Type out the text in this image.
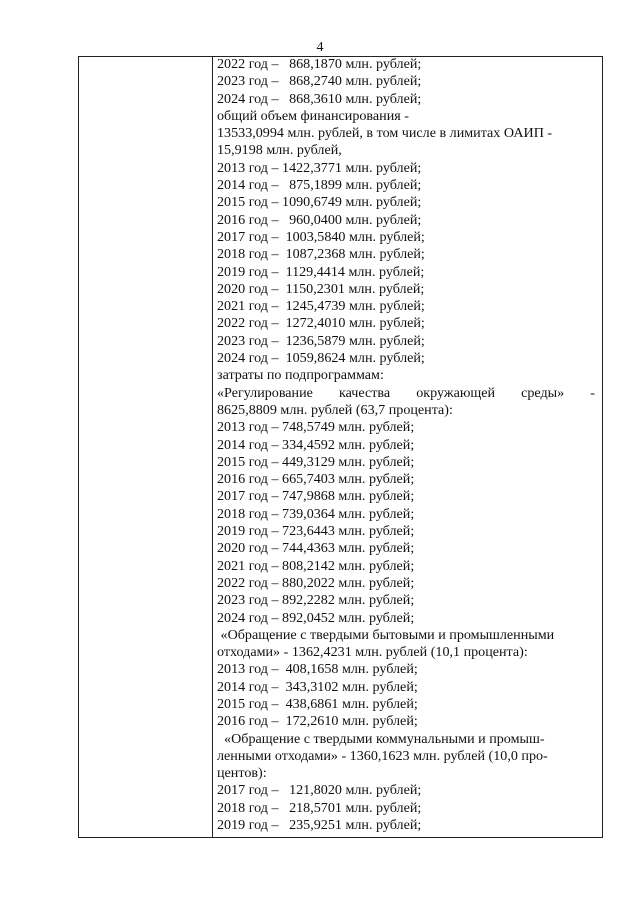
4
2022 год –   868,1870 млн. рублей;
2023 год –   868,2740 млн. рублей;
2024 год –   868,3610 млн. рублей;
общий объем финансирования -
13533,0994 млн. рублей, в том числе в лимитах ОАИП -
15,9198 млн. рублей,
2013 год – 1422,3771 млн. рублей;
2014 год –   875,1899 млн. рублей;
2015 год – 1090,6749 млн. рублей;
2016 год –   960,0400 млн. рублей;
2017 год –  1003,5840 млн. рублей;
2018 год –  1087,2368 млн. рублей;
2019 год –  1129,4414 млн. рублей;
2020 год –  1150,2301 млн. рублей;
2021 год –  1245,4739 млн. рублей;
2022 год –  1272,4010 млн. рублей;
2023 год –  1236,5879 млн. рублей;
2024 год –  1059,8624 млн. рублей;
затраты по подпрограммам:
«Регулирование качества окружающей среды» -
8625,8809 млн. рублей (63,7 процента):
2013 год – 748,5749 млн. рублей;
2014 год – 334,4592 млн. рублей;
2015 год – 449,3129 млн. рублей;
2016 год – 665,7403 млн. рублей;
2017 год – 747,9868 млн. рублей;
2018 год – 739,0364 млн. рублей;
2019 год – 723,6443 млн. рублей;
2020 год – 744,4363 млн. рублей;
2021 год – 808,2142 млн. рублей;
2022 год – 880,2022 млн. рублей;
2023 год – 892,2282 млн. рублей;
2024 год – 892,0452 млн. рублей;
«Обращение с твердыми бытовыми и промышленными
отходами» - 1362,4231 млн. рублей (10,1 процента):
2013 год –  408,1658 млн. рублей;
2014 год –  343,3102 млн. рублей;
2015 год –  438,6861 млн. рублей;
2016 год –  172,2610 млн. рублей;
«Обращение с твердыми коммунальными и промыш-
ленными отходами» - 1360,1623 млн. рублей (10,0 про-
центов):
2017 год –   121,8020 млн. рублей;
2018 год –   218,5701 млн. рублей;
2019 год –   235,9251 млн. рублей;
